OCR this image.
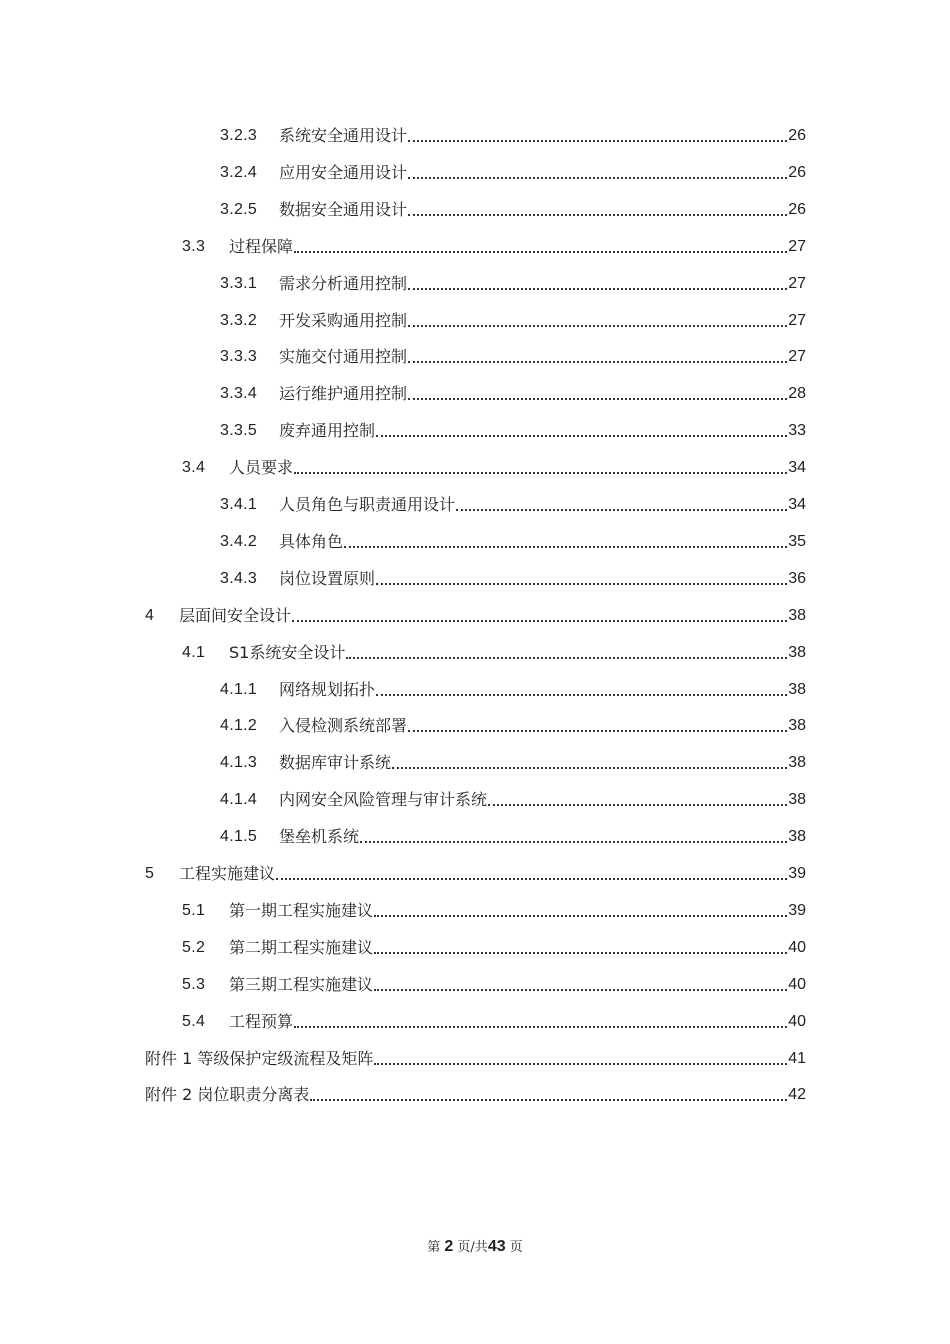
3.2.3	系统安全通用设计	26
3.2.4	应用安全通用设计	26
3.2.5	数据安全通用设计	26
3.3	过程保障	27
3.3.1	需求分析通用控制	27
3.3.2	开发采购通用控制	27
3.3.3	实施交付通用控制	27
3.3.4	运行维护通用控制	28
3.3.5	废弃通用控制	33
3.4	人员要求	34
3.4.1	人员角色与职责通用设计	34
3.4.2	具体角色	35
3.4.3	岗位设置原则	36
4	层面间安全设计	38
4.1	S1系统安全设计	38
4.1.1	网络规划拓扑	38
4.1.2	入侵检测系统部署	38
4.1.3	数据库审计系统	38
4.1.4	内网安全风险管理与审计系统	38
4.1.5	堡垒机系统	38
5	工程实施建议	39
5.1	第一期工程实施建议	39
5.2	第二期工程实施建议	40
5.3	第三期工程实施建议	40
5.4	工程预算	40
附件 1 等级保护定级流程及矩阵	41
附件 2 岗位职责分离表	42
第 2 页/共43 页
